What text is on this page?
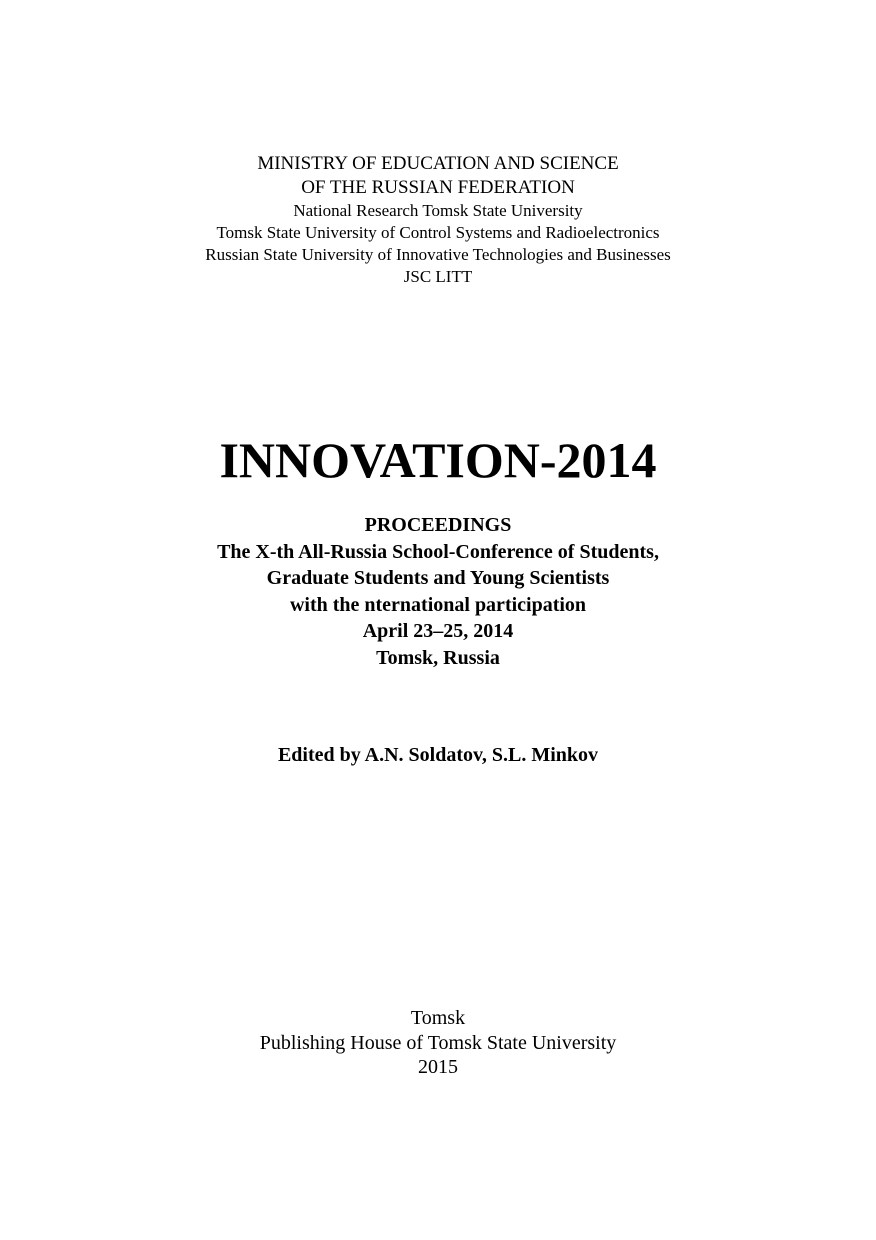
MINISTRY OF EDUCATION AND SCIENCE
OF THE RUSSIAN FEDERATION
National Research Tomsk State University
Tomsk State University of Control Systems and Radioelectronics
Russian State University of Innovative Technologies and Businesses
JSC LITT
INNOVATION-2014
PROCEEDINGS
The X-th All-Russia School-Conference of Students,
Graduate Students and Young Scientists
with the nternational participation
April 23–25, 2014
Tomsk, Russia
Edited by A.N. Soldatov, S.L. Minkov
Tomsk
Publishing House of Tomsk State University
2015
